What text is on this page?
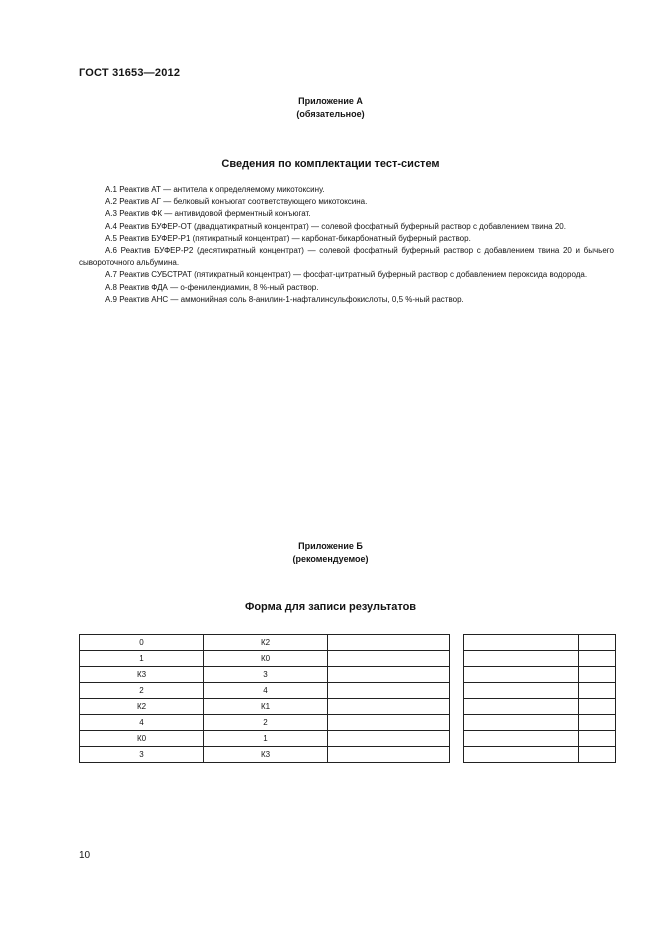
ГОСТ 31653—2012
Приложение А
(обязательное)
Сведения по комплектации тест-систем

А.1 Реактив АТ — антитела к определяемому микотоксину.

А.2 Реактив АГ — белковый конъюгат соответствующего микотоксина.

А.3 Реактив ФК — антивидовой ферментный конъюгат.

А.4 Реактив БУФЕР-ОТ (двадцатикратный концентрат) — солевой фосфатный буферный раствор с добавлением твина 20.

А.5 Реактив БУФЕР-Р1 (пятикратный концентрат) — карбонат-бикарбонатный буферный раствор.

А.6 Реактив БУФЕР-Р2 (десятикратный концентрат) — солевой фосфатный буферный раствор с добавлением твина 20 и бычьего сывороточного альбумина.

А.7 Реактив СУБСТРАТ (пятикратный концентрат) — фосфат-цитратный буферный раствор с добавлением пероксида водорода.

А.8 Реактив ФДА — о-фенилендиамин, 8 %-ный раствор.

А.9 Реактив АНС — аммонийная соль 8-анилин-1-нафталинсульфокислоты, 0,5 %-ный раствор.

Приложение Б
(рекомендуемое)
Форма для записи результатов
0	К2				
1	К0				
К3	3				
2	4				
К2	К1				
4	2				
К0	1				
3	К3				
10
